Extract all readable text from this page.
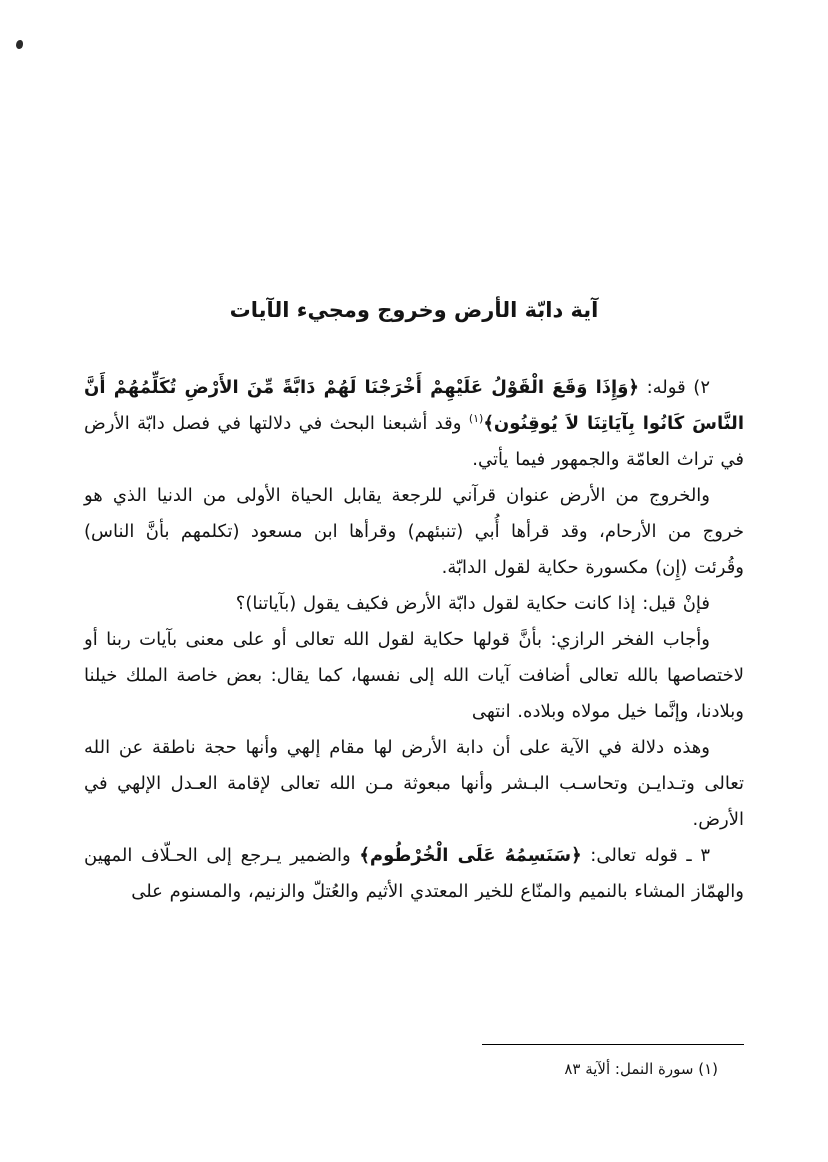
آية دابّة الأرض وخروج ومجيء الآيات

٢) قوله: ﴿وَإِذَا وَقَعَ الْقَوْلُ عَلَيْهِمْ أَخْرَجْنَا لَهُمْ دَابَّةً مِّنَ الأَرْضِ تُكَلِّمُهُمْ أَنَّ النَّاسَ كَانُوا بِآيَاتِنَا لاَ يُوقِنُون﴾$^{(١)}$ وقد أشبعنا البحث في دلالتها في فصل دابّة الأرض في تراث العامّة والجمهور فيما يأتي.

والخروج من الأرض عنوان قرآني للرجعة يقابل الحياة الأولى من الدنيا الذي هو خروج من الأرحام، وقد قرأها أُبي (تنبئهم) وقرأها ابن مسعود (تكلمهم بأنَّ الناس) وقُرئت (إِن) مكسورة حكاية لقول الدابّة.

فإنْ قيل: إذا كانت حكاية لقول دابّة الأرض فكيف يقول (بآياتنا)؟

وأجاب الفخر الرازي: بأنَّ قولها حكاية لقول الله تعالى أو على معنى بآيات ربنا أو لاختصاصها بالله تعالى أضافت آيات الله إلى نفسها، كما يقال: بعض خاصة الملك خيلنا وبلادنا، وإنَّما خيل مولاه وبلاده. انتهى

وهذه دلالة في الآية على أن دابة الأرض لها مقام إلهي وأنها حجة ناطقة عن الله تعالى وتـدايـن وتحاسـب البـشر وأنها مبعوثة مـن الله تعالى لإقامة العـدل الإلهي في الأرض.

٣ ـ قوله تعالى: ﴿سَنَسِمُهُ عَلَى الْخُرْطُوم﴾ والضمير يـرجع إلى الحـلّاف المهين والهمّاز المشاء بالنميم والمنّاع للخير المعتدي الأثيم والعُتلّ والزنيم، والمسنوم على

(١) سورة النمل: ألآية ٨٣
